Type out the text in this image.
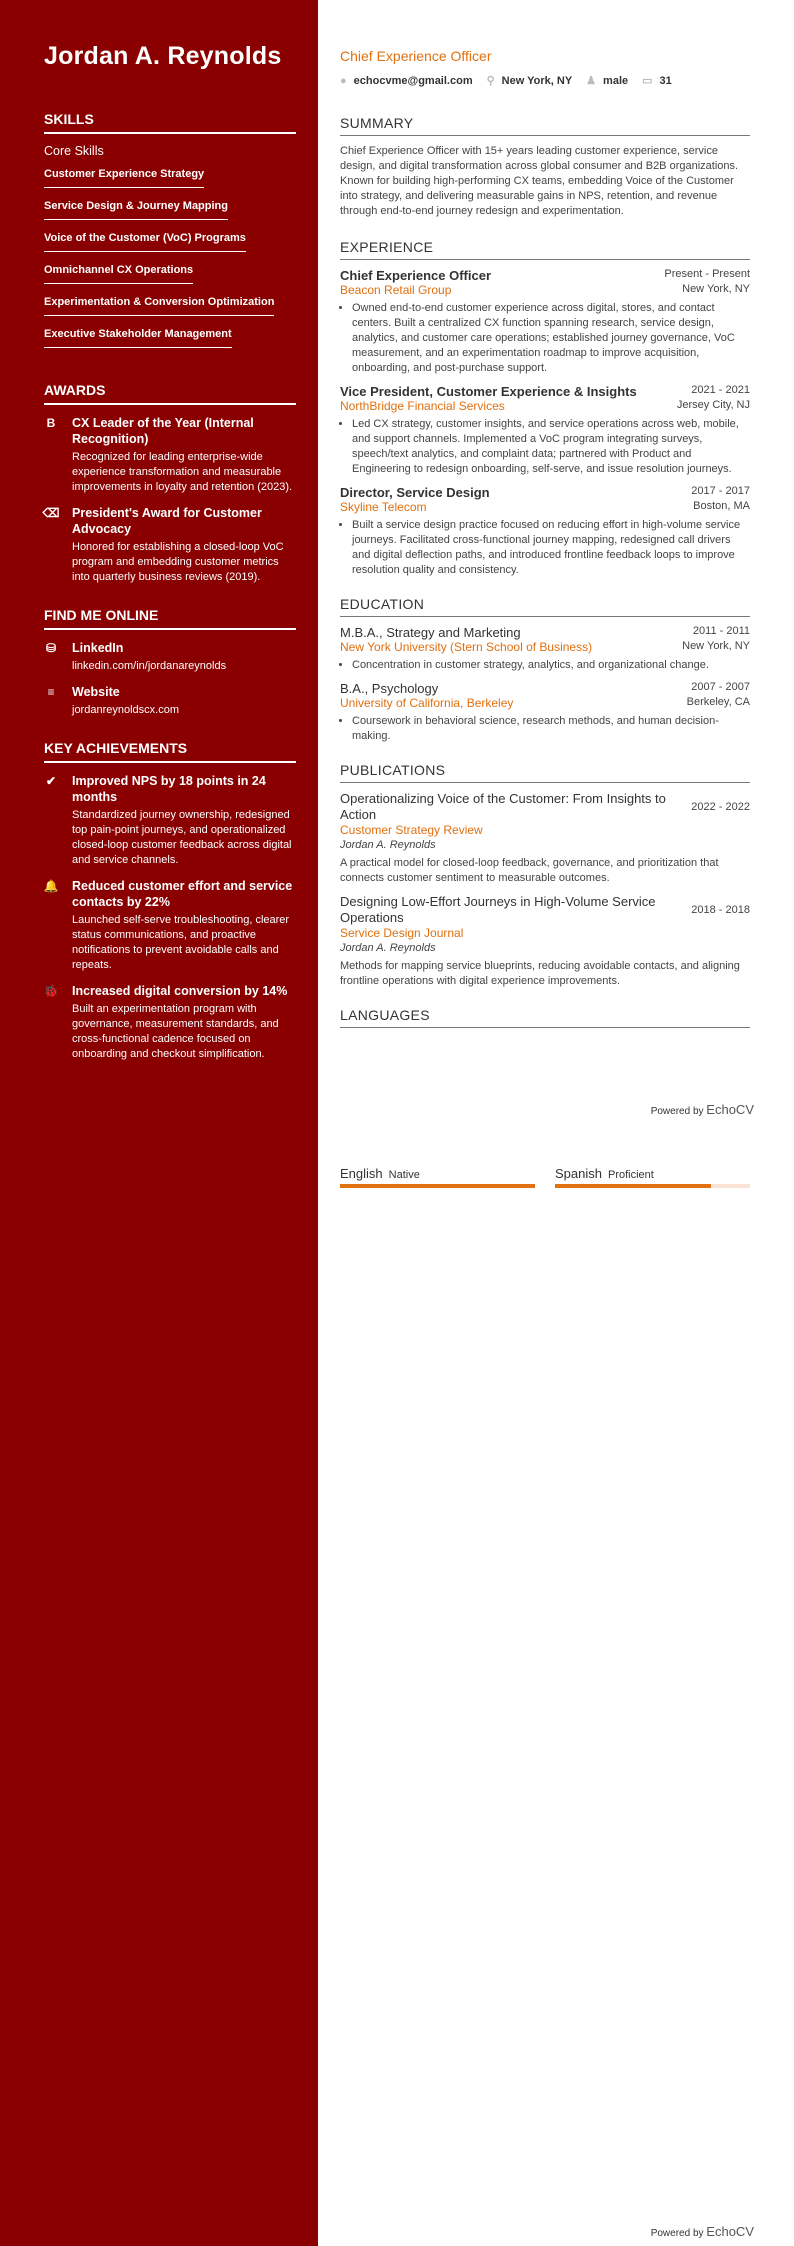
Jordan A. Reynolds
SKILLS
Core Skills
Customer Experience Strategy
Service Design & Journey Mapping
Voice of the Customer (VoC) Programs
Omnichannel CX Operations
Experimentation & Conversion Optimization
Executive Stakeholder Management
AWARDS
B CX Leader of the Year (Internal Recognition)
Recognized for leading enterprise-wide experience transformation and measurable improvements in loyalty and retention (2023).
⌫ President's Award for Customer Advocacy
Honored for establishing a closed-loop VoC program and embedding customer metrics into quarterly business reviews (2019).
FIND ME ONLINE
⛁ LinkedIn
linkedin.com/in/jordanareynolds
≡ Website
jordanreynoldscx.com
KEY ACHIEVEMENTS
✔ Improved NPS by 18 points in 24 months
Standardized journey ownership, redesigned top pain-point journeys, and operationalized closed-loop customer feedback across digital and service channels.
🔔 Reduced customer effort and service contacts by 22%
Launched self-serve troubleshooting, clearer status communications, and proactive notifications to prevent avoidable calls and repeats.
🐞 Increased digital conversion by 14%
Built an experimentation program with governance, measurement standards, and cross-functional cadence focused on onboarding and checkout simplification.
Chief Experience Officer
● echocvme@gmail.com ⚲ New York, NY ♟ male ▭ 31
SUMMARY
Chief Experience Officer with 15+ years leading customer experience, service design, and digital transformation across global consumer and B2B organizations. Known for building high-performing CX teams, embedding Voice of the Customer into strategy, and delivering measurable gains in NPS, retention, and revenue through end-to-end journey redesign and experimentation.
EXPERIENCE
Chief Experience Officer	Present - Present
Beacon Retail Group	New York, NY
• Owned end-to-end customer experience across digital, stores, and contact centers. Built a centralized CX function spanning research, service design, analytics, and customer care operations; established journey governance, VoC measurement, and an experimentation roadmap to improve acquisition, onboarding, and post-purchase support.
Vice President, Customer Experience & Insights	2021 - 2021
NorthBridge Financial Services	Jersey City, NJ
• Led CX strategy, customer insights, and service operations across web, mobile, and support channels. Implemented a VoC program integrating surveys, speech/text analytics, and complaint data; partnered with Product and Engineering to redesign onboarding, self-serve, and issue resolution journeys.
Director, Service Design	2017 - 2017
Skyline Telecom	Boston, MA
• Built a service design practice focused on reducing effort in high-volume service journeys. Facilitated cross-functional journey mapping, redesigned call drivers and digital deflection paths, and introduced frontline feedback loops to improve resolution quality and consistency.
EDUCATION
M.B.A., Strategy and Marketing	2011 - 2011
New York University (Stern School of Business)	New York, NY
• Concentration in customer strategy, analytics, and organizational change.
B.A., Psychology	2007 - 2007
University of California, Berkeley	Berkeley, CA
• Coursework in behavioral science, research methods, and human decision-making.
PUBLICATIONS
Operationalizing Voice of the Customer: From Insights to Action	2022 - 2022
Customer Strategy Review
Jordan A. Reynolds
A practical model for closed-loop feedback, governance, and prioritization that connects customer sentiment to measurable outcomes.
Designing Low-Effort Journeys in High-Volume Service Operations	2018 - 2018
Service Design Journal
Jordan A. Reynolds
Methods for mapping service blueprints, reducing avoidable contacts, and aligning frontline operations with digital experience improvements.
LANGUAGES
Powered by EchoCV
English Native	Spanish Proficient
Powered by EchoCV
